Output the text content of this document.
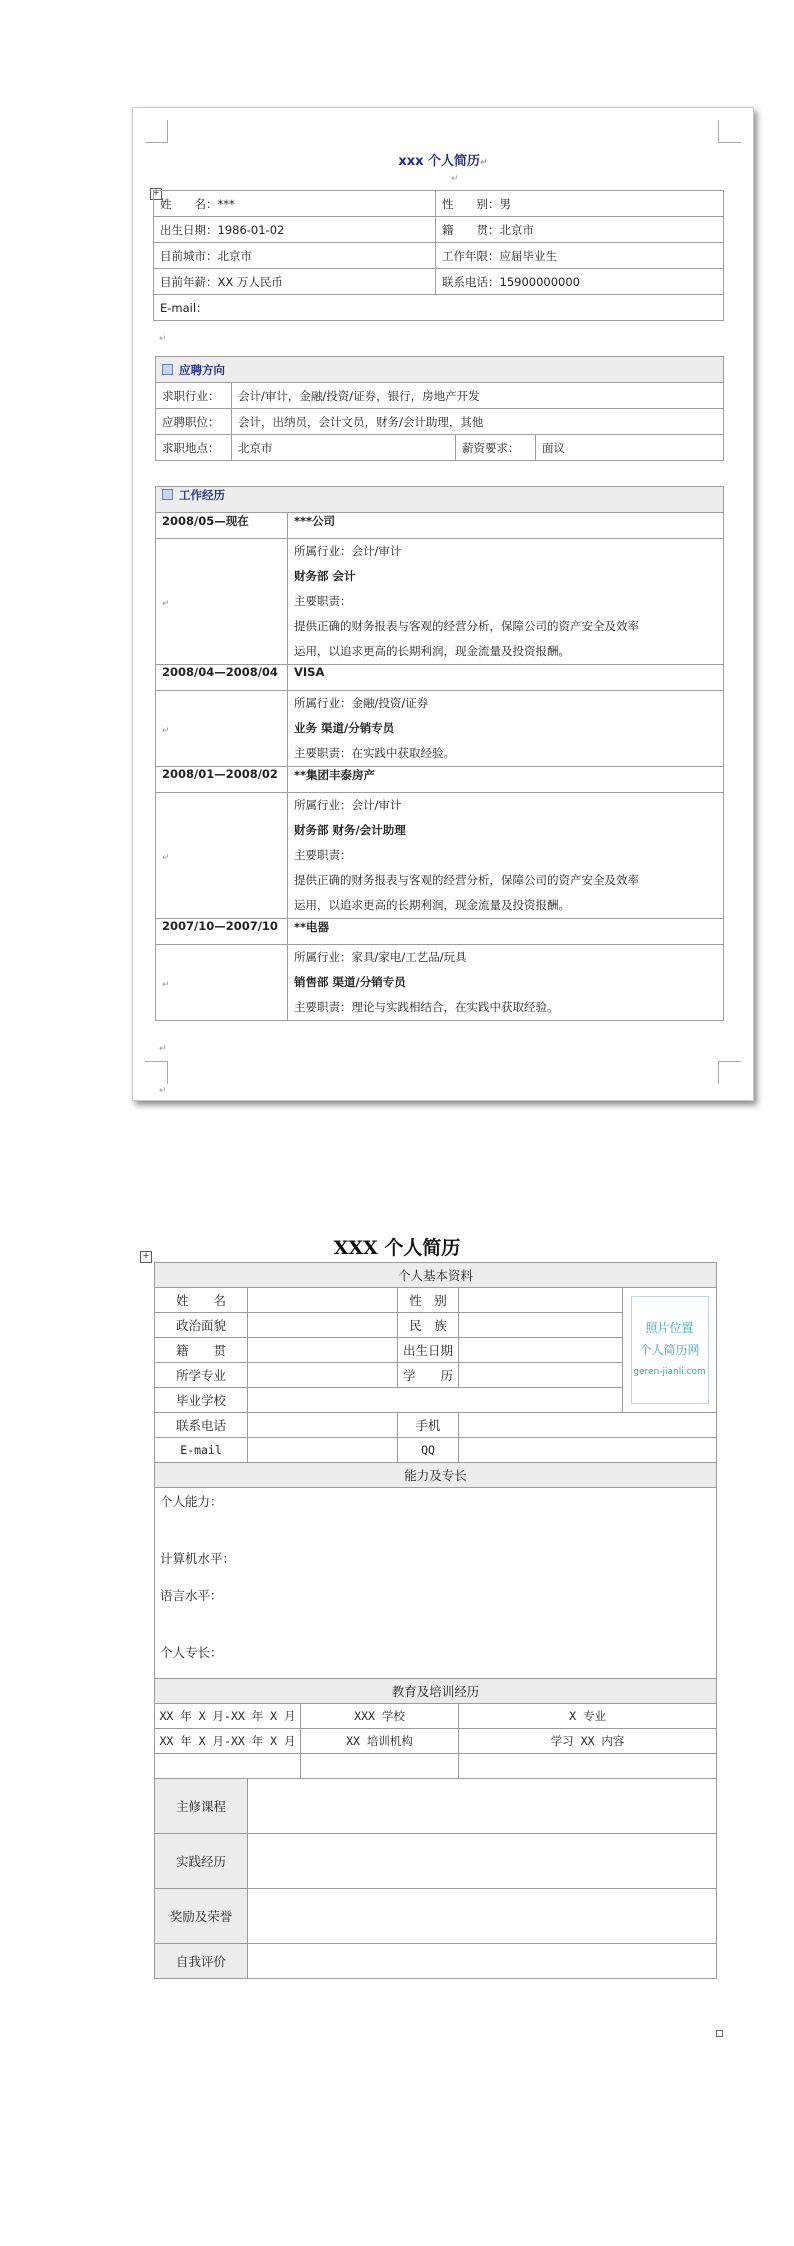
xxx 个人简历↵
↵
+
姓　　名：***	性　　别：男
出生日期：1986-01-02	籍　　贯：北京市
目前城市：北京市	工作年限：应届毕业生
目前年薪：XX 万人民币	联系电话：15900000000
E-mail：	
↵
应聘方向			
求职行业：	会计/审计，金融/投资/证券，银行，房地产开发		
应聘职位：	会计，出纳员，会计文员，财务/会计助理，其他		
求职地点：	北京市	薪资要求：	面议
工作经历	
2008/05—现在	***公司
↵	所属行业：会计/审计
财务部 会计
主要职责：
提供正确的财务报表与客观的经营分析，保障公司的资产安全及效率
运用，以追求更高的长期利润，现金流量及投资报酬。

2008/04—2008/04	VISA
↵	所属行业：金融/投资/证券
业务 渠道/分销专员
主要职责：在实践中获取经验。

2008/01—2008/02	**集团丰泰房产
↵	所属行业：会计/审计
财务部 财务/会计助理
主要职责：
提供正确的财务报表与客观的经营分析，保障公司的资产安全及效率
运用，以追求更高的长期利润，现金流量及投资报酬。

2007/10—2007/10	**电器
↵	所属行业：家具/家电/工艺品/玩具
销售部 渠道/分销专员
主要职责：理论与实践相结合，在实践中获取经验。
↵
↵
XXX 个人简历
+
个人基本资料					
姓　　名			性　别		照片位置
个人简历网
geren-jianli.com

政治面貌			民　族		
籍　　贯			出生日期		
所学专业			学　　历		
毕业学校					
联系电话			手机		
E-mail			QQ		
能力及专长					

个人能力：
计算机水平：
语言水平：
个人专长：					

教育及培训经历					
XX 年 X 月-XX 年 X 月		XXX 学校		X 专业	
XX 年 X 月-XX 年 X 月		XX 培训机构		学习 XX 内容	

主修课程					
实践经历					
奖励及荣誉					
自我评价					
